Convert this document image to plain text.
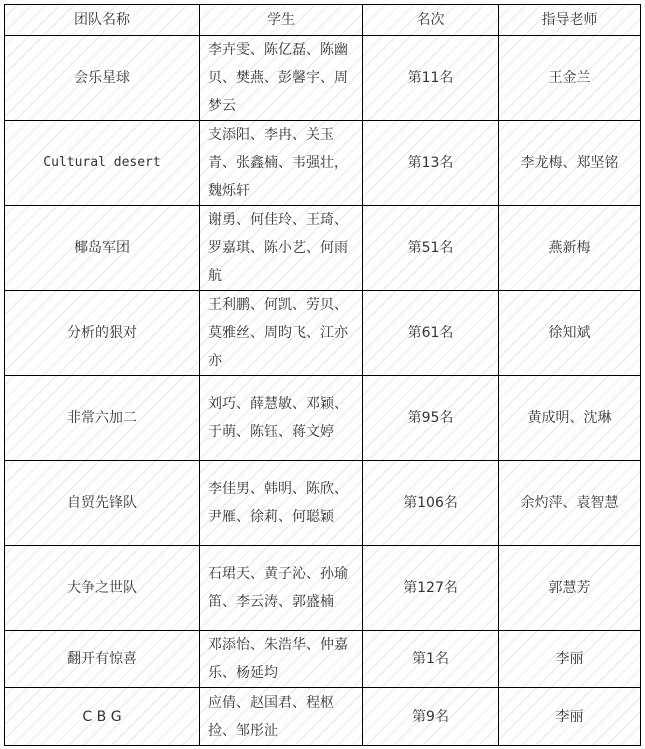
团队名称	学生	名次	指导老师
会乐星球	李卉雯、陈亿磊、陈幽贝、樊燕、彭馨宇、周梦云	第11名	王金兰
Cultural desert	支添阳、李冉、关玉青、张鑫楠、韦强壮，魏烁轩	第13名	李龙梅、郑坚铭
椰岛军团	谢勇、何佳玲、王琦、罗嘉琪、陈小艺、何雨航	第51名	燕新梅
分析的狠对	王利鹏、何凯、劳贝、莫雅丝、周昀飞、江亦亦	第61名	徐知斌
非常六加二	刘巧、薛慧敏、邓颖、于萌、陈钰、蒋文婷	第95名	黄成明、沈琳
自贸先锋队	李佳男、韩明、陈欣、尹雁、徐莉、何聪颖	第106名	余灼萍、袁智慧
大争之世队	石珺天、黄子沁、孙瑜笛、李云涛、郭盛楠	第127名	郭慧芳
翻开有惊喜	邓添怡、朱浩华、仲嘉乐、杨延均	第1名	李丽
C B G	应倩、赵国君、程枢捡、邹彤沚	第9名	李丽
